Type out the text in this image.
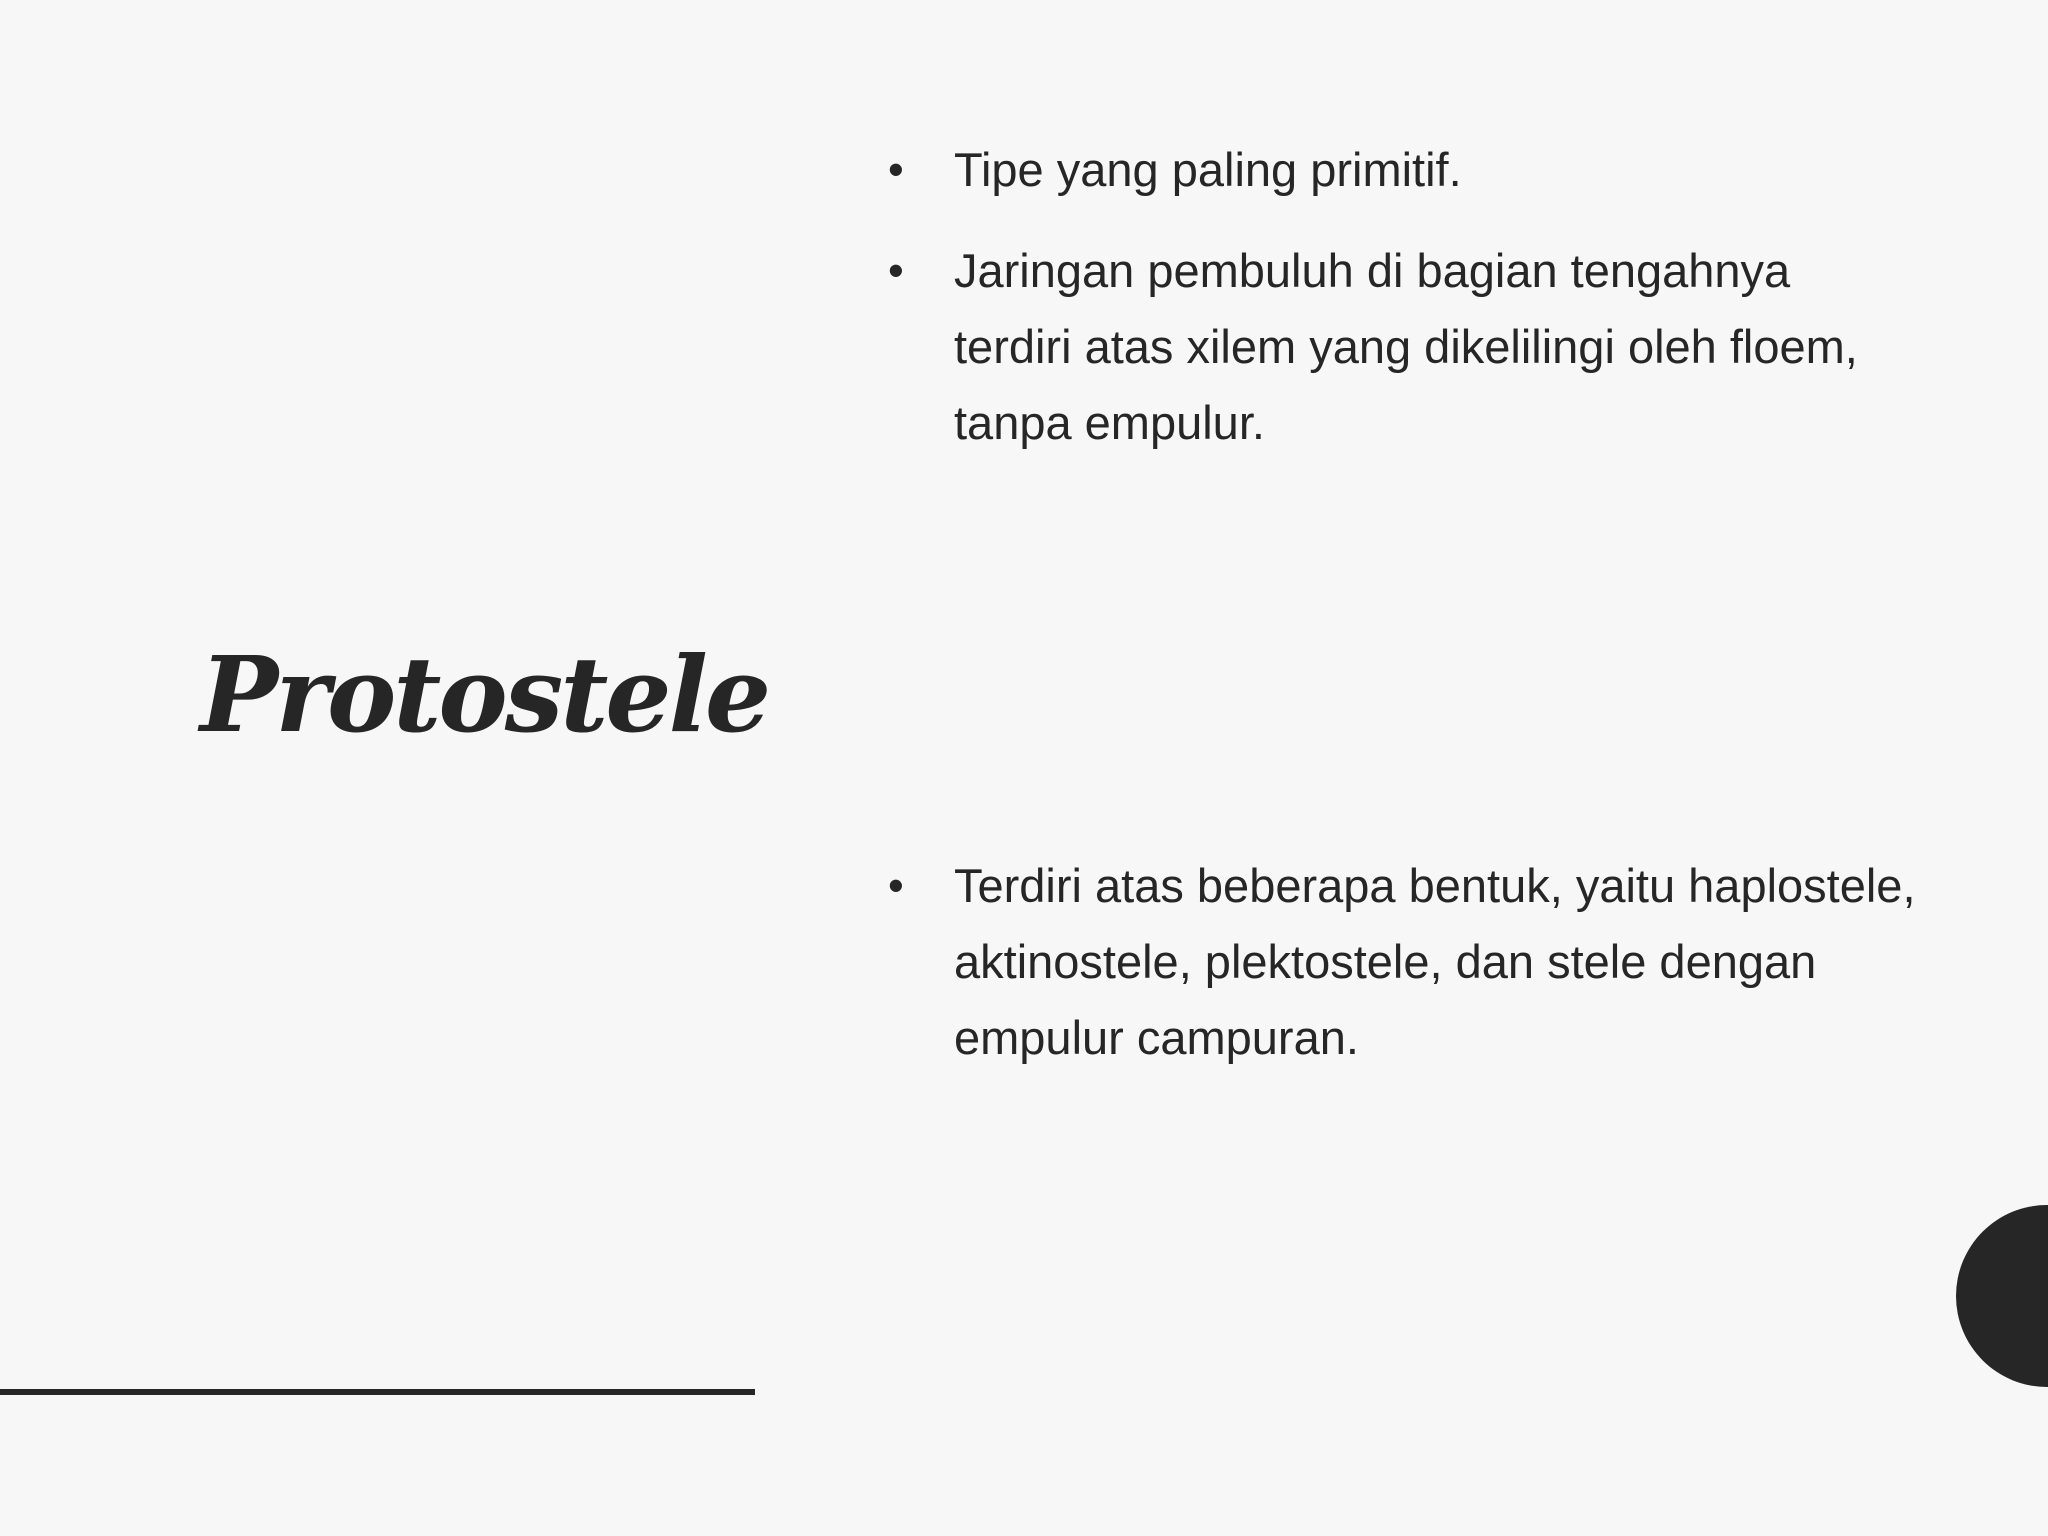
Protostele
• Tipe yang paling primitif.
• Jaringan pembuluh di bagian tengahnya terdiri atas xilem yang dikelilingi oleh floem, tanpa empulur.
• Terdiri atas beberapa bentuk, yaitu haplostele, aktinostele, plektostele, dan stele dengan empulur campuran.
